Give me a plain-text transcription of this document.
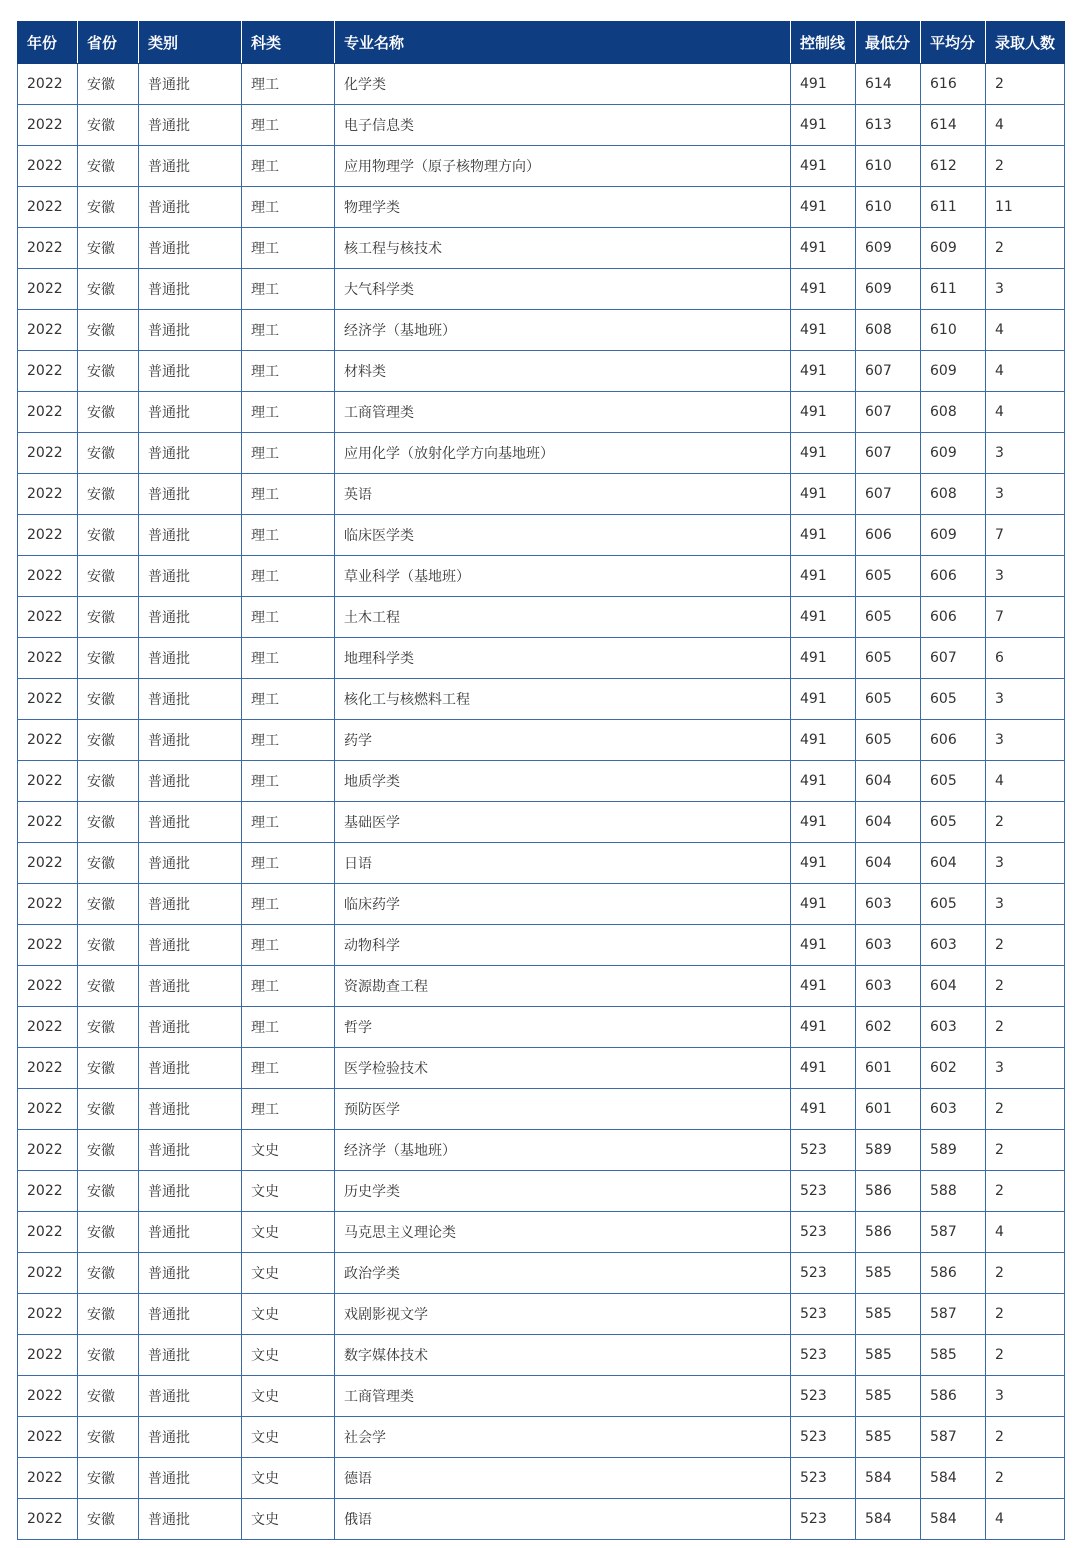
年份	省份	类别	科类	专业名称	控制线	最低分	平均分	录取人数
2022	安徽	普通批	理工	化学类	491	614	616	2
2022	安徽	普通批	理工	电子信息类	491	613	614	4
2022	安徽	普通批	理工	应用物理学（原子核物理方向）	491	610	612	2
2022	安徽	普通批	理工	物理学类	491	610	611	11
2022	安徽	普通批	理工	核工程与核技术	491	609	609	2
2022	安徽	普通批	理工	大气科学类	491	609	611	3
2022	安徽	普通批	理工	经济学（基地班）	491	608	610	4
2022	安徽	普通批	理工	材料类	491	607	609	4
2022	安徽	普通批	理工	工商管理类	491	607	608	4
2022	安徽	普通批	理工	应用化学（放射化学方向基地班）	491	607	609	3
2022	安徽	普通批	理工	英语	491	607	608	3
2022	安徽	普通批	理工	临床医学类	491	606	609	7
2022	安徽	普通批	理工	草业科学（基地班）	491	605	606	3
2022	安徽	普通批	理工	土木工程	491	605	606	7
2022	安徽	普通批	理工	地理科学类	491	605	607	6
2022	安徽	普通批	理工	核化工与核燃料工程	491	605	605	3
2022	安徽	普通批	理工	药学	491	605	606	3
2022	安徽	普通批	理工	地质学类	491	604	605	4
2022	安徽	普通批	理工	基础医学	491	604	605	2
2022	安徽	普通批	理工	日语	491	604	604	3
2022	安徽	普通批	理工	临床药学	491	603	605	3
2022	安徽	普通批	理工	动物科学	491	603	603	2
2022	安徽	普通批	理工	资源勘查工程	491	603	604	2
2022	安徽	普通批	理工	哲学	491	602	603	2
2022	安徽	普通批	理工	医学检验技术	491	601	602	3
2022	安徽	普通批	理工	预防医学	491	601	603	2
2022	安徽	普通批	文史	经济学（基地班）	523	589	589	2
2022	安徽	普通批	文史	历史学类	523	586	588	2
2022	安徽	普通批	文史	马克思主义理论类	523	586	587	4
2022	安徽	普通批	文史	政治学类	523	585	586	2
2022	安徽	普通批	文史	戏剧影视文学	523	585	587	2
2022	安徽	普通批	文史	数字媒体技术	523	585	585	2
2022	安徽	普通批	文史	工商管理类	523	585	586	3
2022	安徽	普通批	文史	社会学	523	585	587	2
2022	安徽	普通批	文史	德语	523	584	584	2
2022	安徽	普通批	文史	俄语	523	584	584	4
